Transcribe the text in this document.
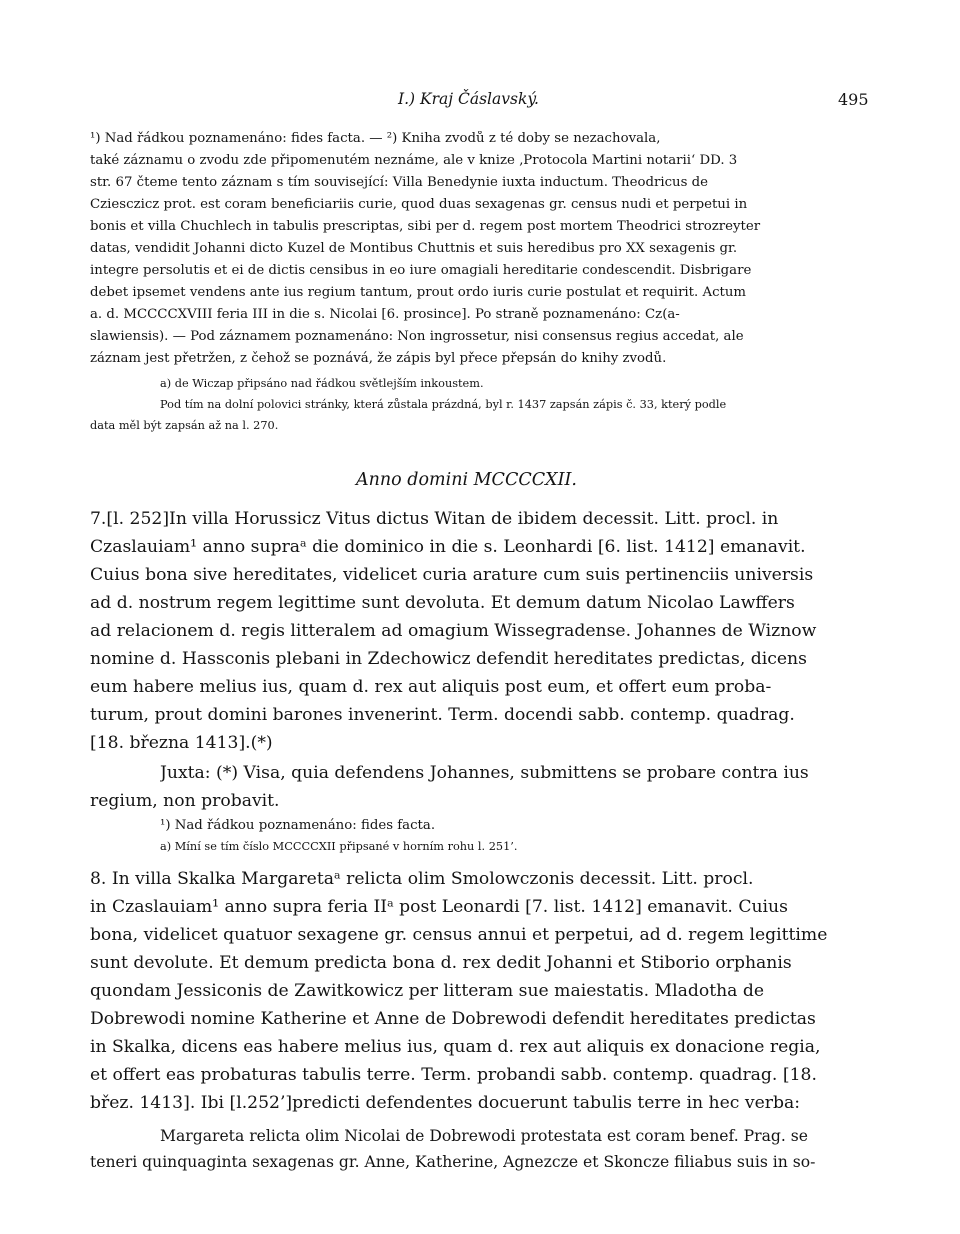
I.) Kraj Čáslavský.	495
¹) Nad řádkou poznamenáno: fides facta. — ²) Kniha zvodů z té doby se nezachovala,
také záznamu o zvodu zde připomenutém neznáme, ale v knize ‚Protocola Martini notarii‘ DD. 3
str. 67 čteme tento záznam s tím související: Villa Benedynie iuxta inductum. Theodricus de
Cziesczicz prot. est coram beneficiariis curie, quod duas sexagenas gr. census nudi et perpetui in
bonis et villa Chuchlech in tabulis prescriptas, sibi per d. regem post mortem Theodrici strozreyter
datas, vendidit Johanni dicto Kuzel de Montibus Chuttnis et suis heredibus pro XX sexagenis gr.
integre persolutis et ei de dictis censibus in eo iure omagiali hereditarie condescendit. Disbrigare
debet ipsemet vendens ante ius regium tantum, prout ordo iuris curie postulat et requirit. Actum
a. d. MCCCCXVIII feria III in die s. Nicolai [6. prosince]. Po straně poznamenáno: Cz(a-
slawiensis). — Pod záznamem poznamenáno: Non ingrossetur, nisi consensus regius accedat, ale
záznam jest přetržen, z čehož se poznává, že zápis byl přece přepsán do knihy zvodů.
a) de Wiczap připsáno nad řádkou světlejším inkoustem.
Pod tím na dolní polovici stránky, která zůstala prázdná, byl r. 1437 zapsán zápis č. 33, který podle
data měl být zapsán až na l. 270.
Anno domini MCCCCXII.
7.[l. 252]In villa Horussicz Vitus dictus Witan de ibidem decessit. Litt. procl. in
Czaslauiam¹ anno supraᵃ die dominico in die s. Leonhardi [6. list. 1412] emanavit.
Cuius bona sive hereditates, videlicet curia arature cum suis pertinenciis universis
ad d. nostrum regem legittime sunt devoluta. Et demum datum Nicolao Lawffers
ad relacionem d. regis litteralem ad omagium Wissegradense. Johannes de Wiznow
nomine d. Hassconis plebani in Zdechowicz defendit hereditates predictas, dicens
eum habere melius ius, quam d. rex aut aliquis post eum, et offert eum proba-
turum, prout domini barones invenerint. Term. docendi sabb. contemp. quadrag.
[18. března 1413].(*)
Juxta: (*) Visa, quia defendens Johannes, submittens se probare contra ius
regium, non probavit.
¹) Nad řádkou poznamenáno: fides facta.
a) Míní se tím číslo MCCCCXII připsané v horním rohu l. 251’.
8. In villa Skalka Margaretaᵃ relicta olim Smolowczonis decessit. Litt. procl.
in Czaslauiam¹ anno supra feria IIᵃ post Leonardi [7. list. 1412] emanavit. Cuius
bona, videlicet quatuor sexagene gr. census annui et perpetui, ad d. regem legittime
sunt devolute. Et demum predicta bona d. rex dedit Johanni et Stiborio orphanis
quondam Jessiconis de Zawitkowicz per litteram sue maiestatis. Mladotha de
Dobrewodi nomine Katherine et Anne de Dobrewodi defendit hereditates predictas
in Skalka, dicens eas habere melius ius, quam d. rex aut aliquis ex donacione regia,
et offert eas probaturas tabulis terre. Term. probandi sabb. contemp. quadrag. [18.
břez. 1413]. Ibi [l.252’]predicti defendentes docuerunt tabulis terre in hec verba:
Margareta relicta olim Nicolai de Dobrewodi protestata est coram benef. Prag. se
teneri quinquaginta sexagenas gr. Anne, Katherine, Agnezcze et Skoncze filiabus suis in so-
